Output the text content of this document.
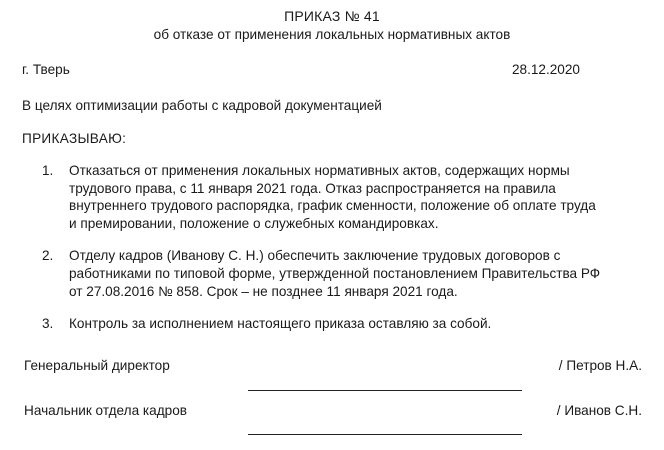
ПРИКАЗ № 41
об отказе от применения локальных нормативных актов
г. Тверь	28.12.2020
В целях оптимизации работы с кадровой документацией
ПРИКАЗЫВАЮ:
1.	Отказаться от применения локальных нормативных актов, содержащих нормы
трудового права, с 11 января 2021 года. Отказ распространяется на правила
внутреннего трудового распорядка, график сменности, положение об оплате труда
и премировании, положение о служебных командировках.
2.	Отделу кадров (Иванову С. Н.) обеспечить заключение трудовых договоров с
работниками по типовой форме, утвержденной постановлением Правительства РФ
от 27.08.2016 № 858. Срок – не позднее 11 января 2021 года.
3.	Контроль за исполнением настоящего приказа оставляю за собой.
Генеральный директор	/ Петров Н.А.
Начальник отдела кадров	/ Иванов С.Н.
